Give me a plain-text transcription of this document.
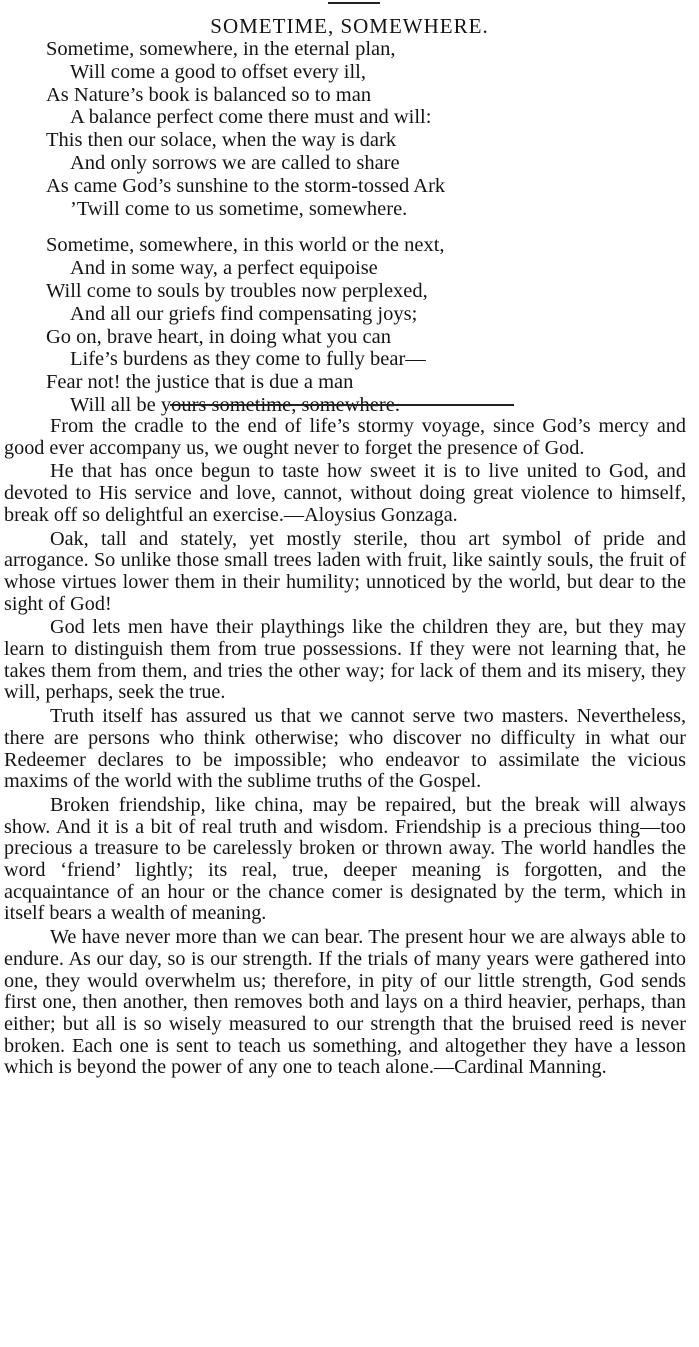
SOMETIME, SOMEWHERE.
Sometime, somewhere, in the eternal plan,
Will come a good to offset every ill,
As Nature’s book is balanced so to man
A balance perfect come there must and will:
This then our solace, when the way is dark
And only sorrows we are called to share
As came God’s sunshine to the storm-tossed Ark
’Twill come to us sometime, somewhere.
Sometime, somewhere, in this world or the next,
And in some way, a perfect equipoise
Will come to souls by troubles now perplexed,
And all our griefs find compensating joys;
Go on, brave heart, in doing what you can
Life’s burdens as they come to fully bear—
Fear not! the justice that is due a man
Will all be yours sometime, somewhere.

From the cradle to the end of life’s stormy voyage, since God’s mercy and good ever accompany us, we ought never to forget the presence of God.

He that has once begun to taste how sweet it is to live united to God, and devoted to His service and love, cannot, without doing great violence to himself, break off so delightful an exercise.—Aloysius Gonzaga.

Oak, tall and stately, yet mostly sterile, thou art symbol of pride and arrogance. So unlike those small trees laden with fruit, like saintly souls, the fruit of whose virtues lower them in their humility; unnoticed by the world, but dear to the sight of God!

God lets men have their playthings like the children they are, but they may learn to distinguish them from true possessions. If they were not learning that, he takes them from them, and tries the other way; for lack of them and its misery, they will, perhaps, seek the true.

Truth itself has assured us that we cannot serve two masters. Nevertheless, there are persons who think otherwise; who discover no difficulty in what our Redeemer declares to be impossible; who endeavor to assimilate the vicious maxims of the world with the sublime truths of the Gospel.

Broken friendship, like china, may be repaired, but the break will always show. And it is a bit of real truth and wisdom. Friendship is a precious thing—too precious a treasure to be carelessly broken or thrown away. The world handles the word ‘friend’ lightly; its real, true, deeper meaning is forgotten, and the acquaintance of an hour or the chance comer is designated by the term, which in itself bears a wealth of meaning.

We have never more than we can bear. The present hour we are always able to endure. As our day, so is our strength. If the trials of many years were gathered into one, they would overwhelm us; therefore, in pity of our little strength, God sends first one, then another, then removes both and lays on a third heavier, perhaps, than either; but all is so wisely measured to our strength that the bruised reed is never broken. Each one is sent to teach us something, and altogether they have a lesson which is beyond the power of any one to teach alone.—Cardinal Manning.
